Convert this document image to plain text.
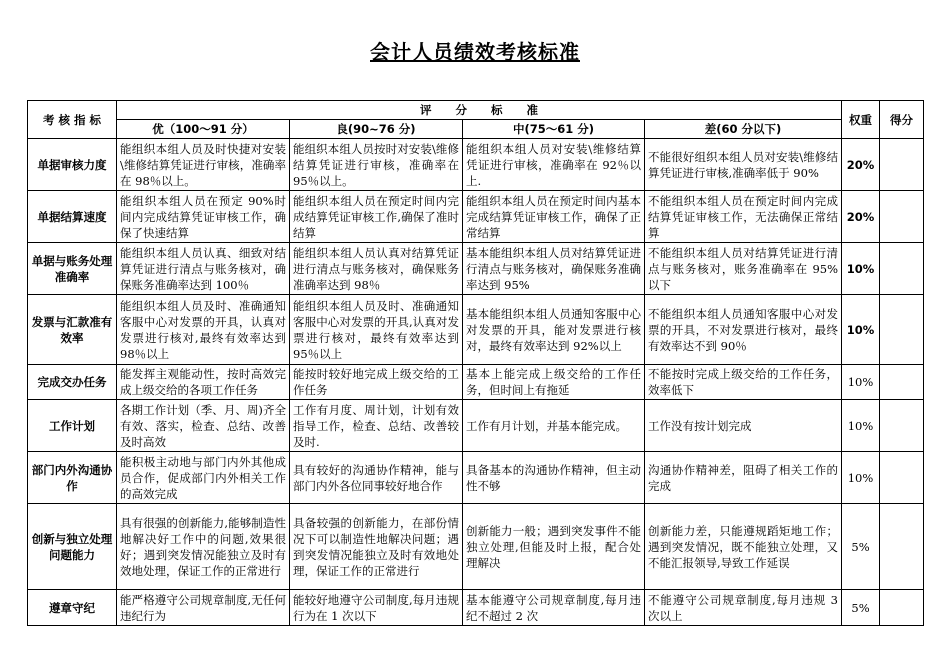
会计人员绩效考核标准
考 核 指 标	评      分      标      准				权重	得分
	优（100～91 分）	良(90~76 分)	中(75～61 分)	差(60 分以下)		
单据审核力度	能组织本组人员及时快捷对安装\维修结算凭证进行审核，准确率在 98％以上。	能组织本组人员按时对安装\维修结算凭证进行审核，准确率在 95％以上。	能组织本组人员对安装\维修结算凭证进行审核，准确率在 92％以上.	不能很好组织本组人员对安装\维修结算凭证进行审核,准确率低于 90%	20%	
单据结算速度	能组织本组人员在预定 90%时间内完成结算凭证审核工作，确保了快速结算	能组织本组人员在预定时间内完成结算凭证审核工作,确保了准时结算	能组织本组人员在预定时间内基本完成结算凭证审核工作，确保了正常结算	不能组织本组人员在预定时间内完成结算凭证审核工作，无法确保正常结算	20%	
单据与账务处理准确率	能组织本组人员认真、细致对结算凭证进行清点与账务核对，确保账务准确率达到 100％	能组织本组人员认真对结算凭证进行清点与账务核对，确保账务准确率达到 98％	基本能组织本组人员对结算凭证进行清点与账务核对，确保账务准确率达到 95%	不能组织本组人员对结算凭证进行清点与账务核对，账务准确率在 95%以下	10%	
发票与汇款准有效率	能组织本组人员及时、准确通知客服中心对发票的开具，认真对发票进行核对,最终有效率达到 98％以上	能组织本组人员及时、准确通知客服中心对发票的开具,认真对发票进行核对，最终有效率达到 95％以上	基本能组织本组人员通知客服中心对发票的开具，能对发票进行核对，最终有效率达到 92%以上	不能组织本组人员通知客服中心对发票的开具，不对发票进行核对，最终有效率达不到 90％	10%	
完成交办任务	能发挥主观能动性，按时高效完成上级交给的各项工作任务	能按时较好地完成上级交给的工作任务	基本上能完成上级交给的工作任务，但时间上有拖延	不能按时完成上级交给的工作任务，效率低下	10%	
工作计划	各期工作计划（季、月、周)齐全有效、落实，检查、总结、改善及时高效	工作有月度、周计划，计划有效指导工作，检查、总结、改善较及时.	工作有月计划，并基本能完成。	工作没有按计划完成	10%	
部门内外沟通协作	能积极主动地与部门内外其他成员合作，促成部门内外相关工作的高效完成	具有较好的沟通协作精神，能与部门内外各位同事较好地合作	具备基本的沟通协作精神，但主动性不够	沟通协作精神差，阻碍了相关工作的完成	10%	
创新与独立处理问题能力	具有很强的创新能力,能够制造性地解决好工作中的问题,效果很好；遇到突发情况能独立及时有效地处理，保证工作的正常进行	具备较强的创新能力，在部份情况下可以制造性地解决问题；遇到突发情况能独立及时有效地处理，保证工作的正常进行	创新能力一般；遇到突发事件不能独立处理,但能及时上报，配合处理解决	创新能力差，只能遵规蹈矩地工作；遇到突发情况，既不能独立处理，又不能汇报领导,导致工作延误	5%	
遵章守纪	能严格遵守公司规章制度,无任何违纪行为	能较好地遵守公司制度,每月违规行为在 1 次以下	基本能遵守公司规章制度,每月违纪不超过 2 次	不能遵守公司规章制度,每月违规 3 次以上	5%	
